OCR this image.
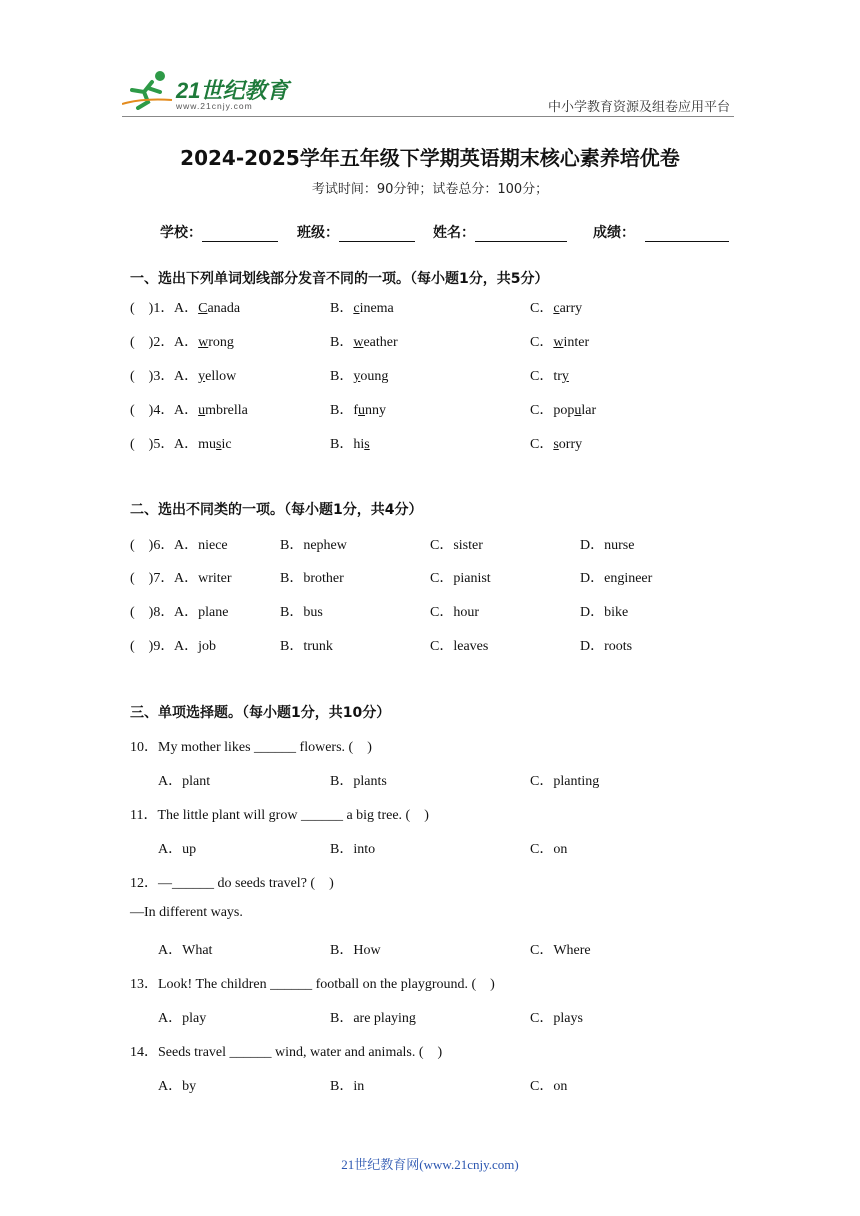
21世纪教育
www.21cnjy.com	中小学教育资源及组卷应用平台
2024-2025学年五年级下学期英语期末核心素养培优卷
考试时间：90分钟；试卷总分：100分；
学校：	班级：	姓名：	成绩：
一、选出下列单词划线部分发音不同的一项。（每小题1分，共5分）
(    )1． A．Canada	B．cinema	C．carry
(    )2． A．wrong	B．weather	C．winter
(    )3． A．yellow	B．young	C．try
(    )4． A．umbrella	B．funny	C．popular
(    )5． A．music	B．his	C．sorry
二、选出不同类的一项。（每小题1分，共4分）
(    )6． A．niece	B．nephew	C．sister	D．nurse
(    )7． A．writer	B．brother	C．pianist	D．engineer
(    )8． A．plane	B．bus	C．hour	D．bike
(    )9． A．job	B．trunk	C．leaves	D．roots
三、单项选择题。（每小题1分，共10分）
10．My mother likes ______ flowers. (    )
A．plant	B．plants	C．planting
11．The little plant will grow ______ a big tree. (    )
A．up	B．into	C．on
12．—______ do seeds travel? (    )
—In different ways.
A．What	B．How	C．Where
13．Look! The children ______ football on the playground. (    )
A．play	B．are playing	C．plays
14．Seeds travel ______ wind, water and animals. (    )
A．by	B．in	C．on
21世纪教育网(www.21cnjy.com)
